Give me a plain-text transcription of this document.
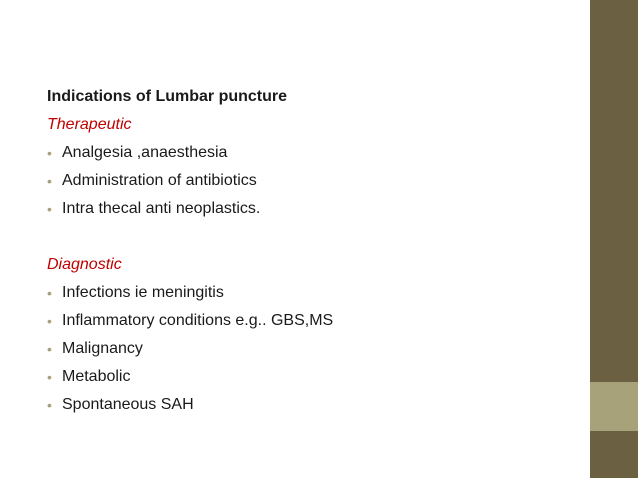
Indications of Lumbar puncture
Therapeutic
• Analgesia ,anaesthesia
• Administration of antibiotics
• Intra thecal anti neoplastics.
Diagnostic
• Infections ie meningitis
• Inflammatory conditions e.g.. GBS,MS
• Malignancy
• Metabolic
• Spontaneous SAH
